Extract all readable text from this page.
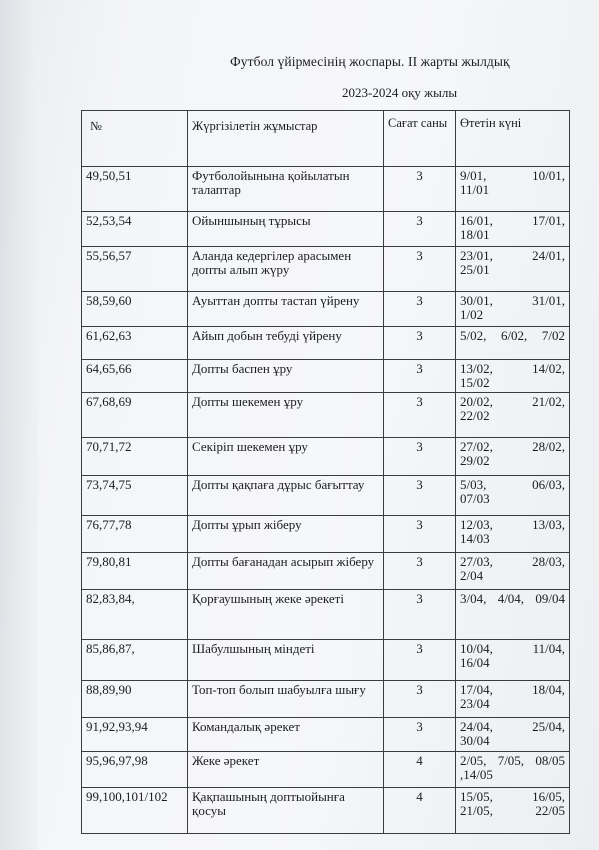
Футбол үйірмесінің жоспары. II жарты жылдық
2023-2024 оқу жылы
№	Жүргізілетін жұмыстар	Сағат саны	Өтетін күні
49,50,51	Футболойынына қойылатын талаптар	3	9/01, 10/01,
11/01

52,53,54	Ойыншының тұрысы	3	16/01, 17/01,
18/01

55,56,57	Аланда кедергілер арасымен допты алып жүру	3	23/01, 24/01,
25/01

58,59,60	Ауыттан допты тастап үйрену	3	30/01, 31/01,
1/02

61,62,63	Айып добын тебуді үйрену	3	5/02, 6/02, 7/02

64,65,66	Допты баспен ұру	3	13/02, 14/02,
15/02

67,68,69	Допты шекемен ұру	3	20/02, 21/02,
22/02

70,71,72	Секіріп шекемен ұру	3	27/02, 28/02,
29/02

73,74,75	Допты қақпаға дұрыс бағыттау	3	5/03, 06/03,
07/03

76,77,78	Допты ұрып жіберу	3	12/03, 13/03,
14/03

79,80,81	Допты бағанадан асырып жіберу	3	27/03, 28/03,
2/04

82,83,84,	Қорғаушының жеке әрекеті	3	3/04, 4/04, 09/04

85,86,87,	Шабулшының міндеті	3	10/04, 11/04,
16/04

88,89,90	Топ-топ болып шабуылға шығу	3	17/04, 18/04,
23/04

91,92,93,94	Командалық әрекет	3	24/04, 25/04,
30/04

95,96,97,98	Жеке әрекет	4	2/05, 7/05, 08/05
,14/05

99,100,101/102	Қақпашының доптыойынға қосуы	4	15/05, 16/05,
21/05, 22/05
